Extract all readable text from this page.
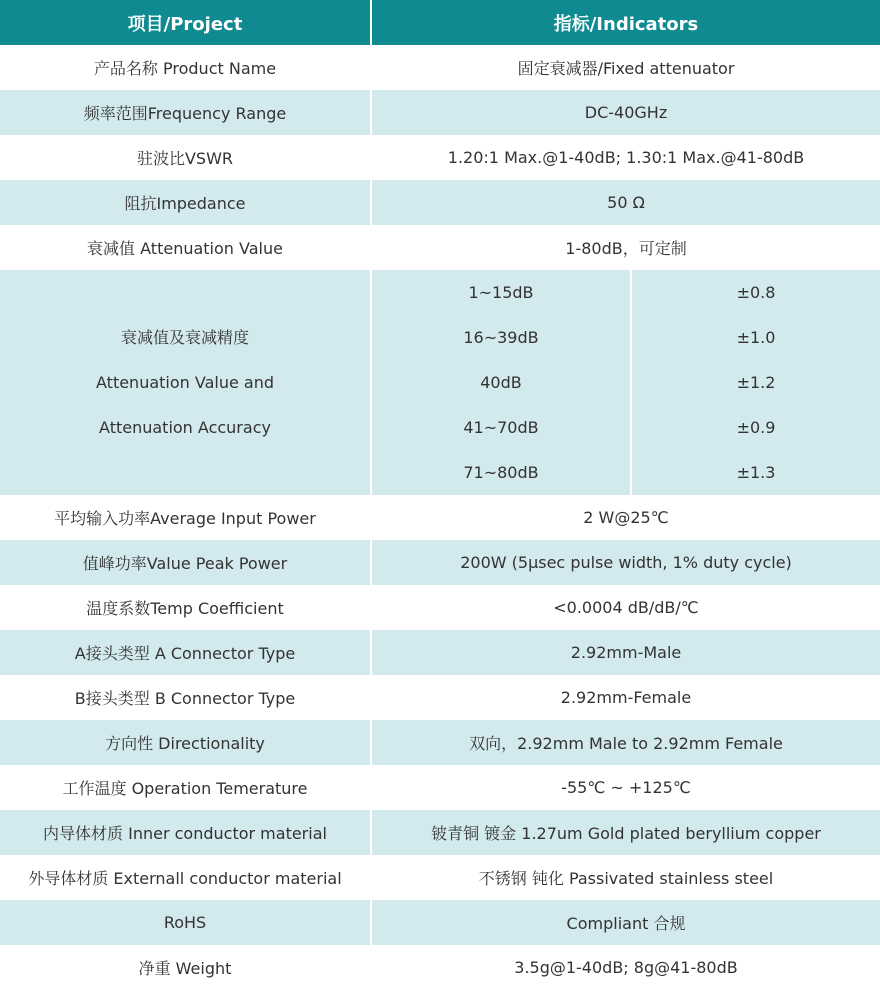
项目/Project	指标/Indicators	
产品名称 Product Name	固定衰减器/Fixed attenuator	
频率范围Frequency Range	DC-40GHz	
驻波比VSWR	1.20:1 Max.@1-40dB; 1.30:1 Max.@41-80dB	
阻抗Impedance	50 Ω	
衰减值 Attenuation Value	1-80dB，可定制	

衰减值及衰减精度
Attenuation Value and
Attenuation Accuracy	1~15dB	±0.8
	16~39dB	±1.0
	40dB	±1.2
	41~70dB	±0.9
	71~80dB	±1.3
平均输入功率Average Input Power	2 W@25℃	
值峰功率Value Peak Power	200W (5μsec pulse width, 1% duty cycle)	
温度系数Temp Coefficient	<0.0004 dB/dB/℃	
A接头类型 A Connector Type	2.92mm-Male	
B接头类型 B Connector Type	2.92mm-Female	
方向性 Directionality	双向，2.92mm Male to 2.92mm Female	
工作温度 Operation Temerature	-55℃ ~ +125℃	
内导体材质 Inner conductor material	铍青铜 镀金 1.27um Gold plated beryllium copper	
外导体材质 Externall conductor material	不锈钢 钝化 Passivated stainless steel	
RoHS	Compliant 合规	
净重 Weight	3.5g@1-40dB; 8g@41-80dB	
